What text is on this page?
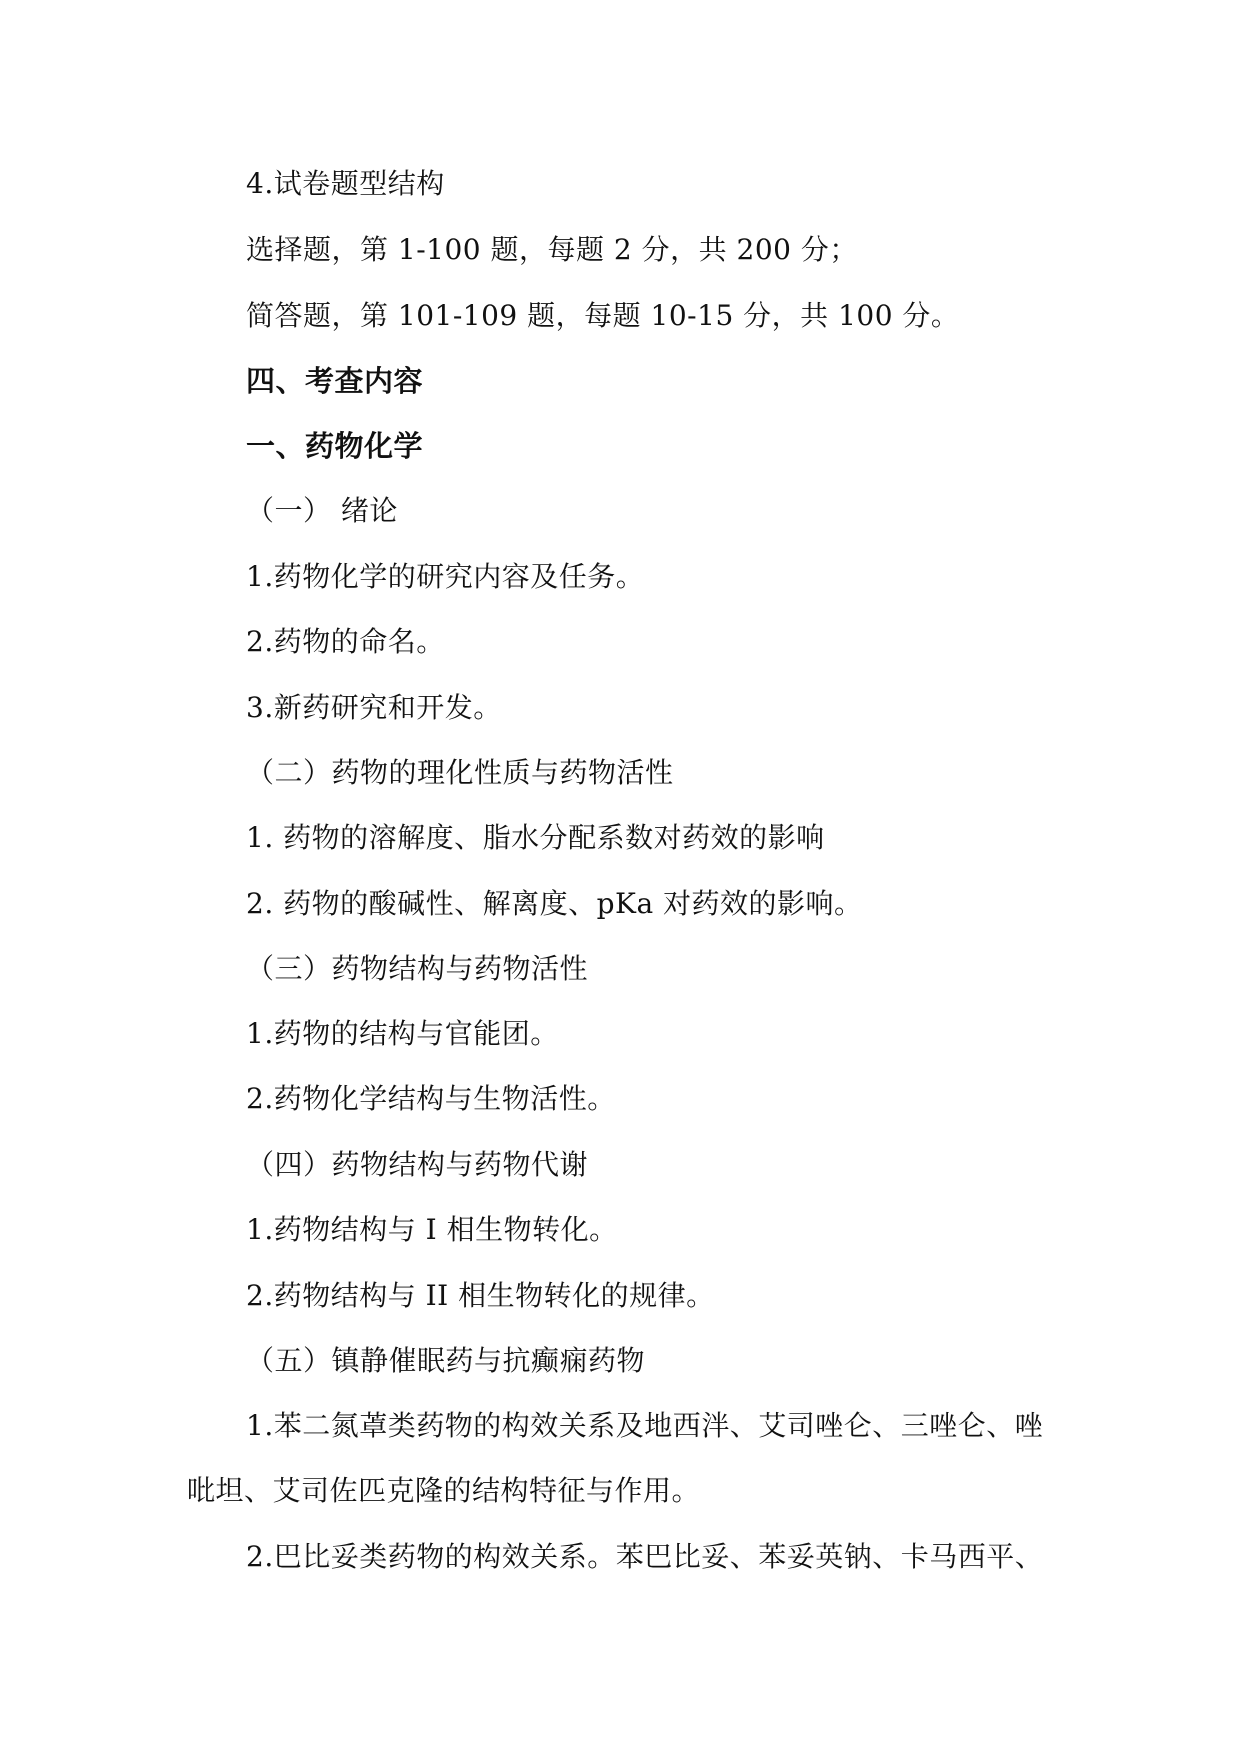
4.试卷题型结构
选择题，第 1-100 题，每题 2 分，共 200 分；
简答题，第 101-109 题，每题 10-15 分，共 100 分。
四、考查内容
一、药物化学
（一） 绪论
1.药物化学的研究内容及任务。
2.药物的命名。
3.新药研究和开发。
（二）药物的理化性质与药物活性
1. 药物的溶解度、脂水分配系数对药效的影响
2. 药物的酸碱性、解离度、pKa 对药效的影响。
（三）药物结构与药物活性
1.药物的结构与官能团。
2.药物化学结构与生物活性。
（四）药物结构与药物代谢
1.药物结构与 I 相生物转化。
2.药物结构与 II 相生物转化的规律。
（五）镇静催眠药与抗癫痫药物
1.苯二氮䓬类药物的构效关系及地西泮、艾司唑仑、三唑仑、唑
吡坦、艾司佐匹克隆的结构特征与作用。
2.巴比妥类药物的构效关系。苯巴比妥、苯妥英钠、卡马西平、
